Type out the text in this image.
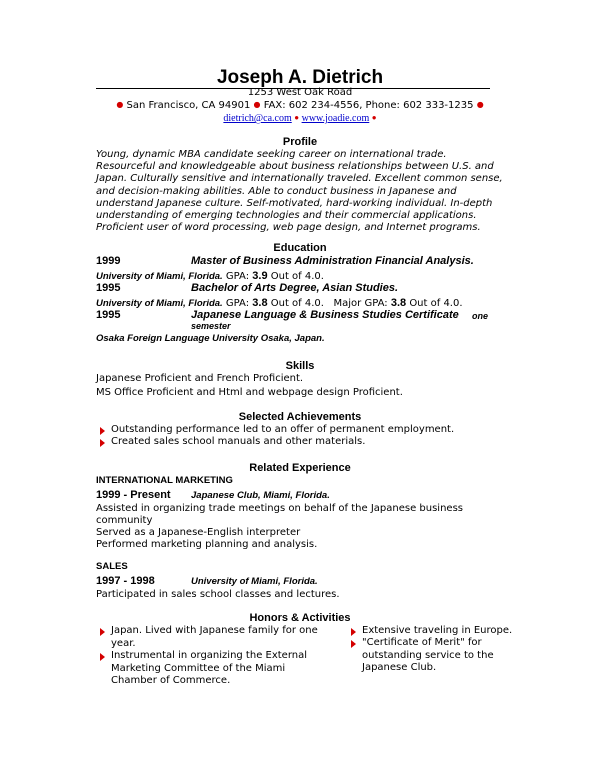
Joseph A. Dietrich
1253 West Oak Road
● San Francisco, CA 94901 ● FAX: 602 234-4556, Phone: 602 333-1235 ●
dietrich@ca.com ● www.joadie.com ●
Profile
Young, dynamic MBA candidate seeking career on international trade. Resourceful and knowledgeable about business relationships between U.S. and Japan. Culturally sensitive and internationally traveled. Excellent common sense, and decision-making abilities. Able to conduct business in Japanese and understand Japanese culture. Self-motivated, hard-working individual. In-depth understanding of emerging technologies and their commercial applications. Proficient user of word processing, web page design, and Internet programs.
Education
1999	Master of Business Administration Financial Analysis.
University of Miami, Florida. GPA: 3.9 Out of 4.0.
1995	Bachelor of Arts Degree, Asian Studies.
University of Miami, Florida. GPA: 3.8 Out of 4.0. Major GPA: 3.8 Out of 4.0.
1995	Japanese Language & Business Studies Certificate one
semester
Osaka Foreign Language University Osaka, Japan.
Skills
Japanese Proficient and French Proficient.
MS Office Proficient and Html and webpage design Proficient.
Selected Achievements
Outstanding performance led to an offer of permanent employment.
Created sales school manuals and other materials.
Related Experience
INTERNATIONAL MARKETING
1999 - Present Japanese Club, Miami, Florida.
Assisted in organizing trade meetings on behalf of the Japanese business
community
Served as a Japanese-English interpreter
Performed marketing planning and analysis.
SALES
1997 - 1998	University of Miami, Florida.
Participated in sales school classes and lectures.
Honors & Activities
Japan. Lived with Japanese family for one year.
Instrumental in organizing the External Marketing Committee of the Miami Chamber of Commerce.
Extensive traveling in Europe.
"Certificate of Merit" for outstanding service to the Japanese Club.
